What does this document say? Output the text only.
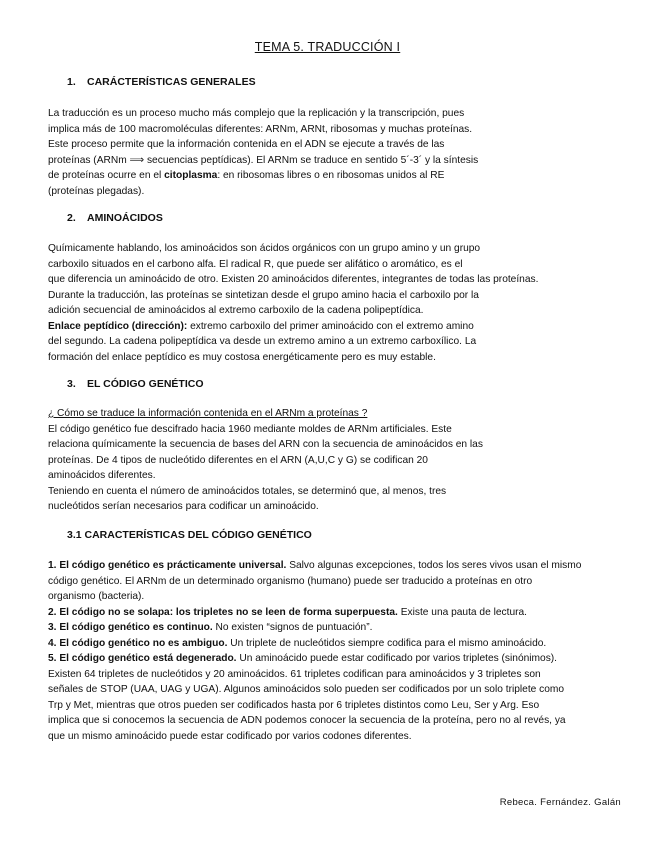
TEMA 5. TRADUCCIÓN I
1. CARÁCTERÍSTICAS GENERALES
La traducción es un proceso mucho más complejo que la replicación y la transcripción, pues
implica más de 100 macromoléculas diferentes: ARNm, ARNt, ribosomas y muchas proteínas.
Este proceso permite que la información contenida en el ADN se ejecute a través de las
proteínas (ARNm ⟹ secuencias peptídicas). El ARNm se traduce en sentido 5´-3´ y la síntesis
de proteínas ocurre en el citoplasma: en ribosomas libres o en ribosomas unidos al RE
(proteínas plegadas).
2. AMINOÁCIDOS
Químicamente hablando, los aminoácidos son ácidos orgánicos con un grupo amino y un grupo
carboxilo situados en el carbono alfa. El radical R, que puede ser alifático o aromático, es el
que diferencia un aminoácido de otro. Existen 20 aminoácidos diferentes, integrantes de todas las proteínas.
Durante la traducción, las proteínas se sintetizan desde el grupo amino hacia el carboxilo por la
adición secuencial de aminoácidos al extremo carboxilo de la cadena polipeptídica.
Enlace peptídico (dirección): extremo carboxilo del primer aminoácido con el extremo amino
del segundo. La cadena polipeptídica va desde un extremo amino a un extremo carboxílico. La
formación del enlace peptídico es muy costosa energéticamente pero es muy estable.
3. EL CÓDIGO GENÉTICO
¿ Cómo se traduce la información contenida en el ARNm a proteínas ?
El código genético fue descifrado hacia 1960 mediante moldes de ARNm artificiales. Este
relaciona químicamente la secuencia de bases del ARN con la secuencia de aminoácidos en las
proteínas. De 4 tipos de nucleótido diferentes en el ARN (A,U,C y G) se codifican 20
aminoácidos diferentes.
Teniendo en cuenta el número de aminoácidos totales, se determinó que, al menos, tres
nucleótidos serían necesarios para codificar un aminoácido.
3.1 CARACTERÍSTICAS DEL CÓDIGO GENÉTICO
1. El código genético es prácticamente universal. Salvo algunas excepciones, todos los seres vivos usan el mismo
código genético. El ARNm de un determinado organismo (humano) puede ser traducido a proteínas en otro
organismo (bacteria).
2. El código no se solapa: los tripletes no se leen de forma superpuesta. Existe una pauta de lectura.
3. El código genético es continuo. No existen “signos de puntuación”.
4. El código genético no es ambiguo. Un triplete de nucleótidos siempre codifica para el mismo aminoácido.
5. El código genético está degenerado. Un aminoácido puede estar codificado por varios tripletes (sinónimos).
Existen 64 tripletes de nucleótidos y 20 aminoácidos. 61 tripletes codifican para aminoácidos y 3 tripletes son
señales de STOP (UAA, UAG y UGA). Algunos aminoácidos solo pueden ser codificados por un solo triplete como
Trp y Met, mientras que otros pueden ser codificados hasta por 6 tripletes distintos como Leu, Ser y Arg. Eso
implica que si conocemos la secuencia de ADN podemos conocer la secuencia de la proteína, pero no al revés, ya
que un mismo aminoácido puede estar codificado por varios codones diferentes.
Rebeca. Fernández. Galán
